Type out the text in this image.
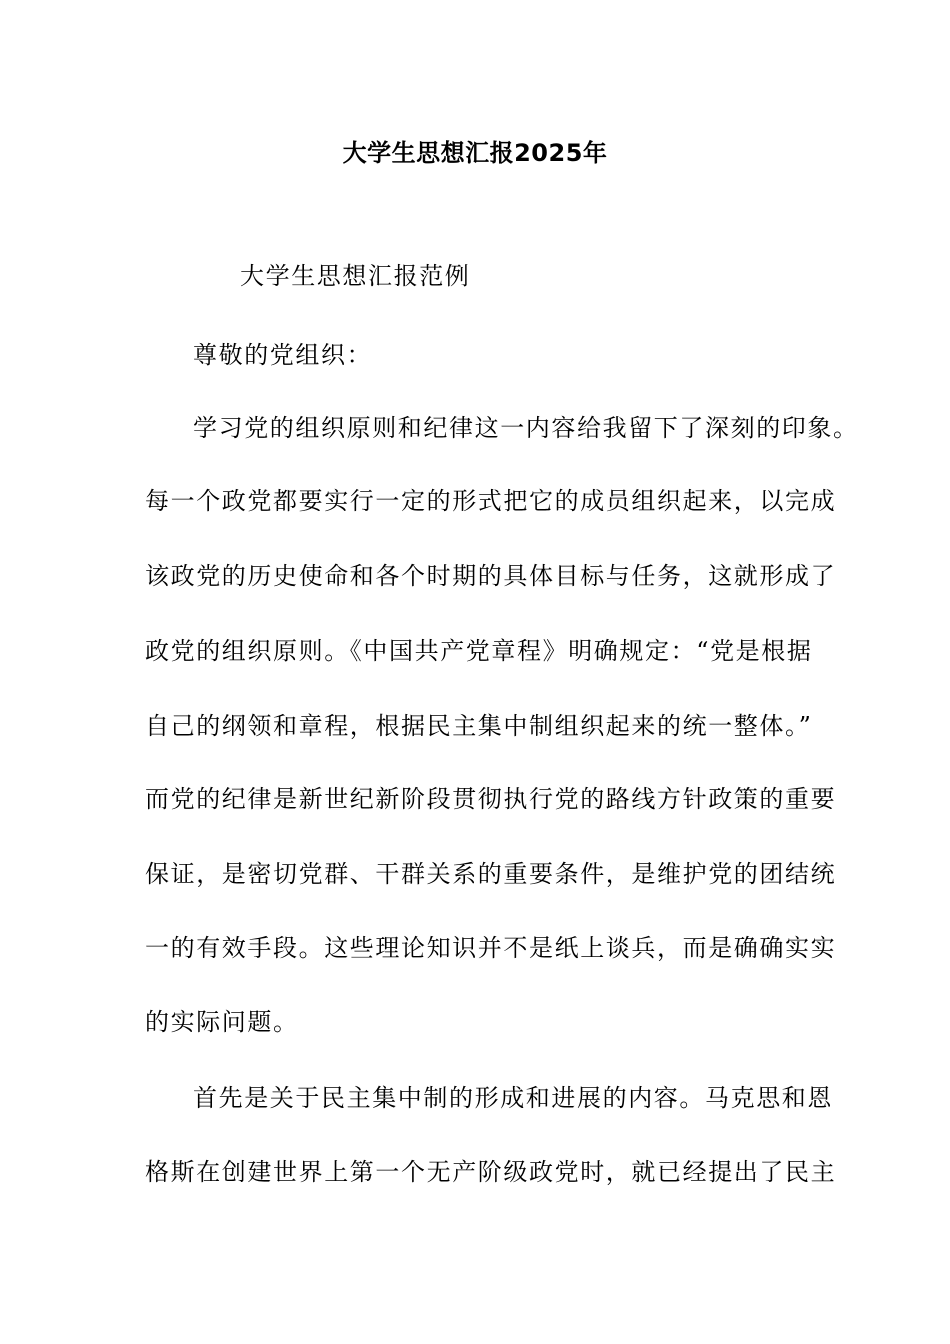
大学生思想汇报2025年
大学生思想汇报范例
尊敬的党组织：
学习党的组织原则和纪律这一内容给我留下了深刻的印象。
每一个政党都要实行一定的形式把它的成员组织起来，以完成
该政党的历史使命和各个时期的具体目标与任务，这就形成了
政党的组织原则。《中国共产党章程》明确规定：“党是根据
自己的纲领和章程，根据民主集中制组织起来的统一整体。”
而党的纪律是新世纪新阶段贯彻执行党的路线方针政策的重要
保证，是密切党群、干群关系的重要条件，是维护党的团结统
一的有效手段。这些理论知识并不是纸上谈兵，而是确确实实
的实际问题。
首先是关于民主集中制的形成和进展的内容。马克思和恩
格斯在创建世界上第一个无产阶级政党时，就已经提出了民主
